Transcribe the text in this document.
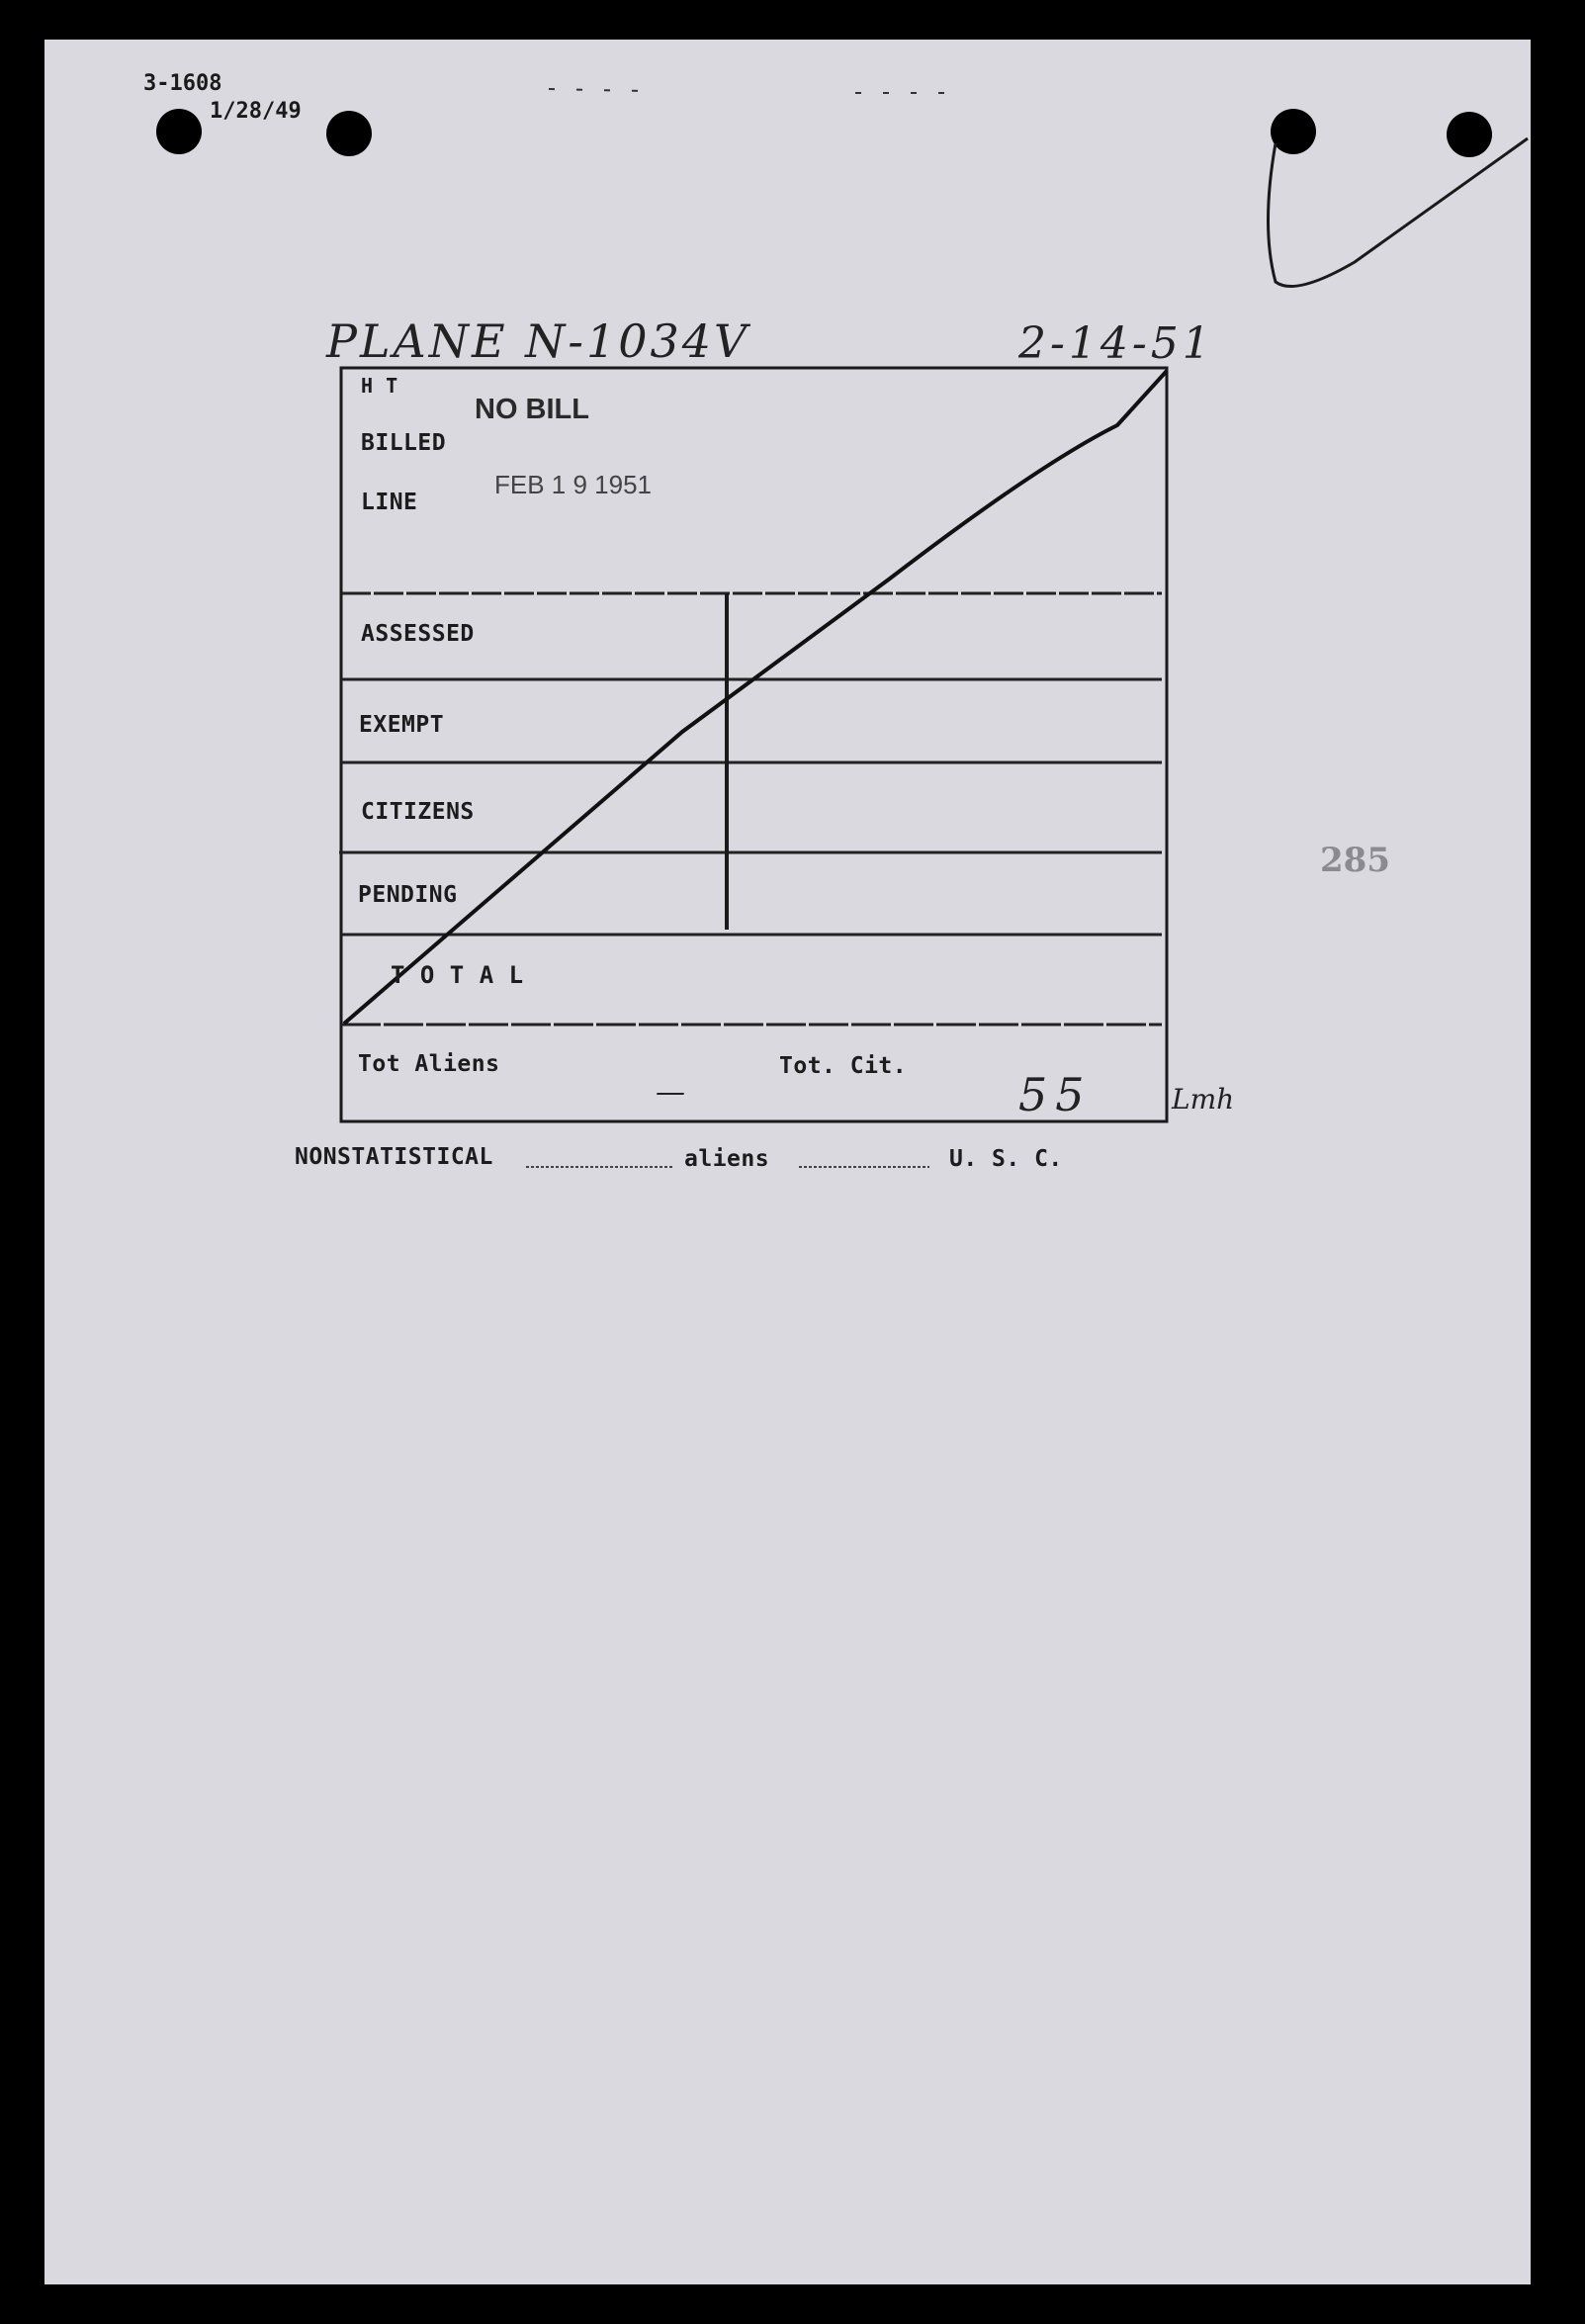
3-1608
1/28/49
PLANE N-1034V	2-14-51
H T
BILLED
LINE
NO BILL
FEB 1 9 1951
ASSESSED
EXEMPT
CITIZENS
PENDING
T O T A L
Tot Aliens	Tot. Cit.
—	55	Lmh
285
NONSTATISTICAL	aliens	U. S. C.
